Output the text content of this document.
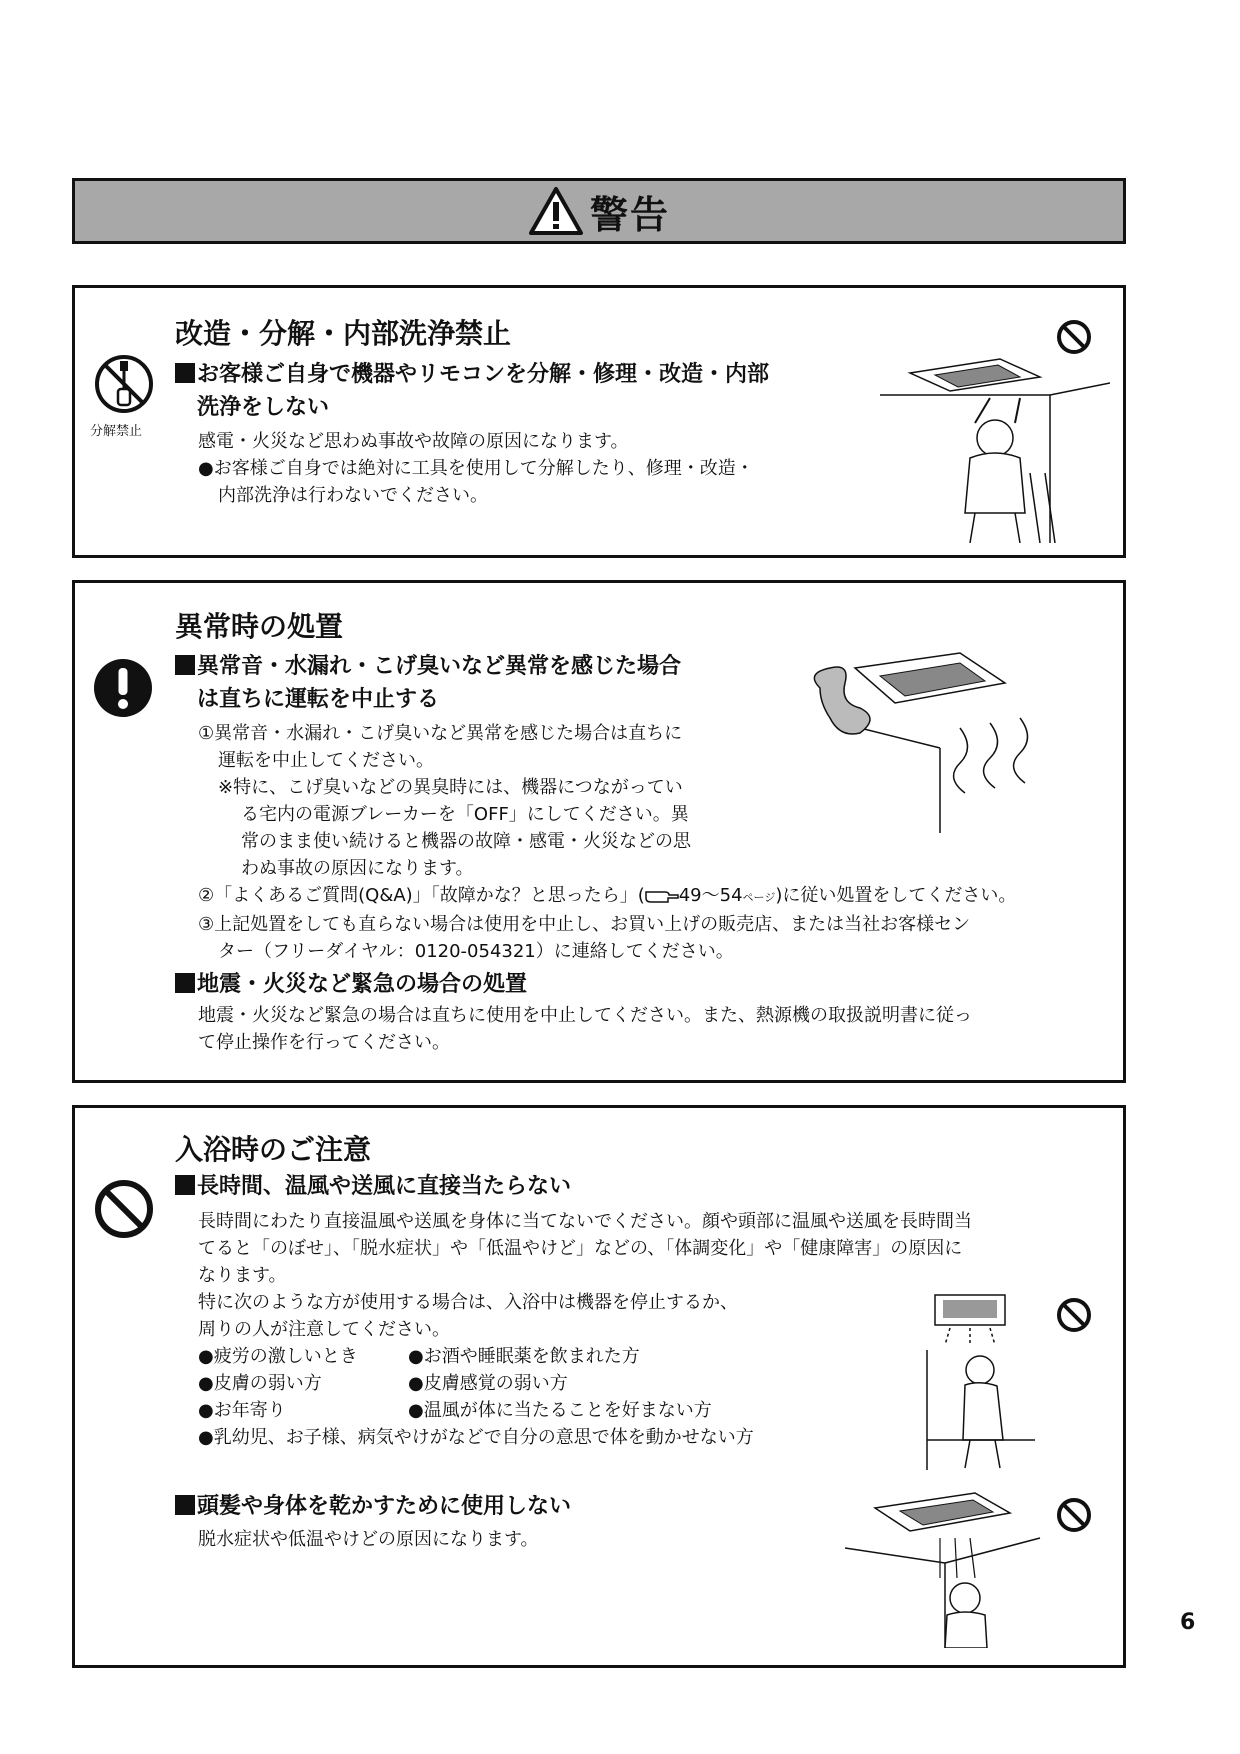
警告
改造・分解・内部洗浄禁止
分解禁止
お客様ご自身で機器やリモコンを分解・修理・改造・内部
洗浄をしない
感電・火災など思わぬ事故や故障の原因になります。
●お客様ご自身では絶対に工具を使用して分解したり、修理・改造・
内部洗浄は行わないでください。
異常時の処置
異常音・水漏れ・こげ臭いなど異常を感じた場合
は直ちに運転を中止する
①異常音・水漏れ・こげ臭いなど異常を感じた場合は直ちに
運転を中止してください。
※特に、こげ臭いなどの異臭時には、機器につながってい
る宅内の電源ブレーカーを「OFF」にしてください。異
常のまま使い続けると機器の故障・感電・火災などの思
わぬ事故の原因になります。
②「よくあるご質問(Q&A)」「故障かな？と思ったら」( 49～54ページ)に従い処置をしてください。
③上記処置をしても直らない場合は使用を中止し、お買い上げの販売店、または当社お客様セン
ター（フリーダイヤル：0120-054321）に連絡してください。
地震・火災など緊急の場合の処置
地震・火災など緊急の場合は直ちに使用を中止してください。また、熱源機の取扱説明書に従っ
て停止操作を行ってください。
入浴時のご注意
長時間、温風や送風に直接当たらない
長時間にわたり直接温風や送風を身体に当てないでください。顔や頭部に温風や送風を長時間当
てると「のぼせ」、「脱水症状」や「低温やけど」などの、「体調変化」や「健康障害」の原因に
なります。
特に次のような方が使用する場合は、入浴中は機器を停止するか、
周りの人が注意してください。
●疲労の激しいとき	●お酒や睡眠薬を飲まれた方
●皮膚の弱い方	●皮膚感覚の弱い方
●お年寄り	●温風が体に当たることを好まない方
●乳幼児、お子様、病気やけがなどで自分の意思で体を動かせない方
頭髪や身体を乾かすために使用しない
脱水症状や低温やけどの原因になります。
6
